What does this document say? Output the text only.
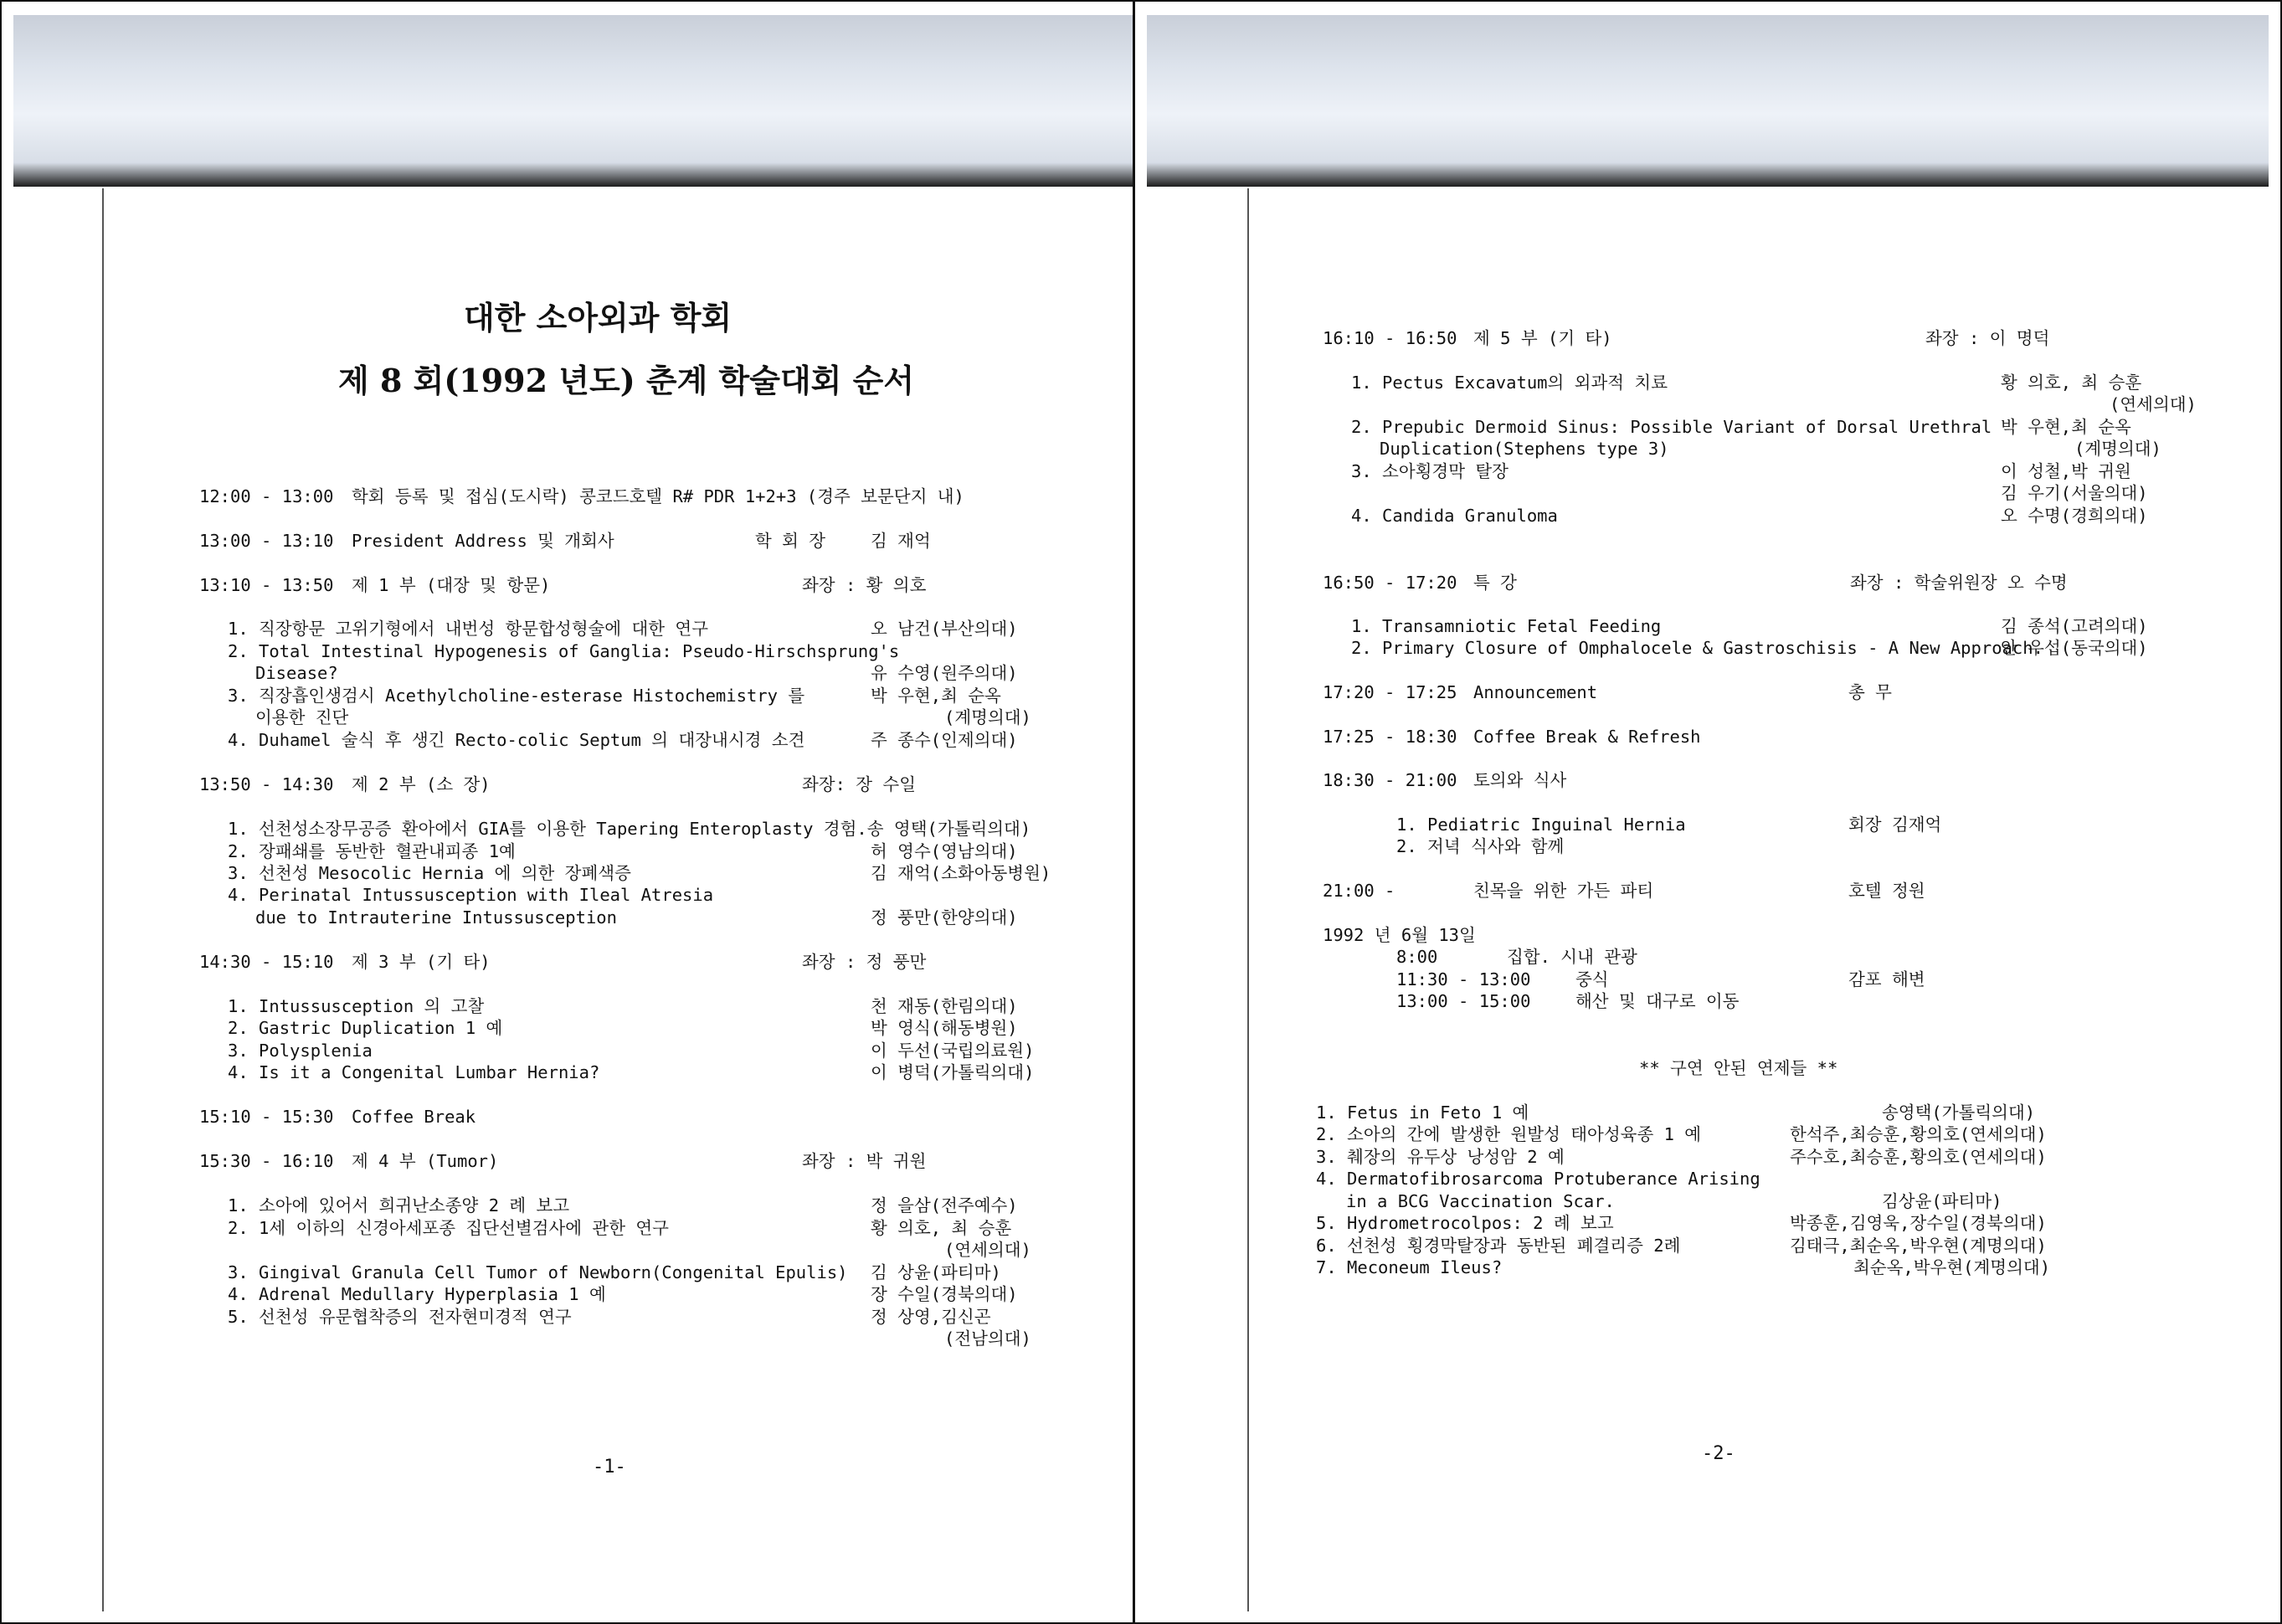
대한 소아외과 학회
제 8 회(1992 년도) 춘계 학술대회 순서
12:00 - 13:00 학회 등록 및 접심(도시락) 콩코드호텔 R# PDR 1+2+3 (경주 보문단지 내)
13:00 - 13:10 President Address 및 개회사	학 회 장	김 재억
13:10 - 13:50 제 1 부 (대장 및 항문)	좌장 : 황 의호
1. 직장항문 고위기형에서 내번성 항문합성형술에 대한 연구	오 남건(부산의대)
2. Total Intestinal Hypogenesis of Ganglia: Pseudo-Hirschsprung's
Disease?	유 수영(원주의대)
3. 직장흡인생검시 Acethylcholine-esterase Histochemistry 를	박 우현,최 순옥
이용한 진단	(계명의대)
4. Duhamel 술식 후 생긴 Recto-colic Septum 의 대장내시경 소견	주 종수(인제의대)
13:50 - 14:30 제 2 부 (소 장)	좌장: 장 수일
1. 선천성소장무공증 환아에서 GIA를 이용한 Tapering Enteroplasty 경험.송 영택(가톨릭의대)
2. 장패쇄를 동반한 혈관내피종 1예	허 영수(영남의대)
3. 선천성 Mesocolic Hernia 에 의한 장폐색증	김 재억(소화아동병원)
4. Perinatal Intussusception with Ileal Atresia
due to Intrauterine Intussusception	정 풍만(한양의대)
14:30 - 15:10 제 3 부 (기 타)	좌장 : 정 풍만
1. Intussusception 의 고찰	천 재동(한림의대)
2. Gastric Duplication 1 예	박 영식(해동병원)
3. Polysplenia	이 두선(국립의료원)
4. Is it a Congenital Lumbar Hernia?	이 병덕(가톨릭의대)
15:10 - 15:30 Coffee Break
15:30 - 16:10 제 4 부 (Tumor)	좌장 : 박 귀원
1. 소아에 있어서 희귀난소종양 2 례 보고	정 을삼(전주예수)
2. 1세 이하의 신경아세포종 집단선별검사에 관한 연구	황 의호, 최 승훈
(연세의대)
3. Gingival Granula Cell Tumor of Newborn(Congenital Epulis) 김 상윤(파티마)
4. Adrenal Medullary Hyperplasia 1 예	장 수일(경북의대)
5. 선천성 유문협착증의 전자현미경적 연구	정 상영,김신곤
(전남의대)
-1-
16:10 - 16:50 제 5 부 (기 타)	좌장 : 이 명덕
1. Pectus Excavatum의 외과적 치료	황 의호, 최 승훈
(연세의대)
2. Prepubic Dermoid Sinus: Possible Variant of Dorsal Urethral 박 우현,최 순옥
Duplication(Stephens type 3)	(계명의대)
3. 소아횡경막 탈장	이 성철,박 귀원
김 우기(서울의대)
4. Candida Granuloma	오 수명(경희의대)
16:50 - 17:20 특 강	좌장 : 학술위원장 오 수명
1. Transamniotic Fetal Feeding	김 종석(고려의대)
2. Primary Closure of Omphalocele & Gastroschisis - A New Approach.
안 우섭(동국의대)
17:20 - 17:25 Announcement	총 무
17:25 - 18:30 Coffee Break & Refresh
18:30 - 21:00 토의와 식사
1. Pediatric Inguinal Hernia	회장 김재억
2. 저녁 식사와 함께
21:00 -	친목을 위한 가든 파티	호텔 정원
1992 년 6월 13일
8:00	집합. 시내 관광
11:30 - 13:00	중식	감포 해변
13:00 - 15:00	해산 및 대구로 이동
** 구연 안된 연제들 **
1. Fetus in Feto 1 예	송영택(가톨릭의대)
2. 소아의 간에 발생한 원발성 태아성육종 1 예	한석주,최승훈,황의호(연세의대)
3. 췌장의 유두상 낭성암 2 예	주수호,최승훈,황의호(연세의대)
4. Dermatofibrosarcoma Protuberance Arising
in a BCG Vaccination Scar.	김상윤(파티마)
5. Hydrometrocolpos: 2 례 보고	박종훈,김영욱,장수일(경북의대)
6. 선천성 횡경막탈장과 동반된 폐결리증 2례	김태극,최순옥,박우현(계명의대)
7. Meconeum Ileus?	최순옥,박우현(계명의대)
-2-
